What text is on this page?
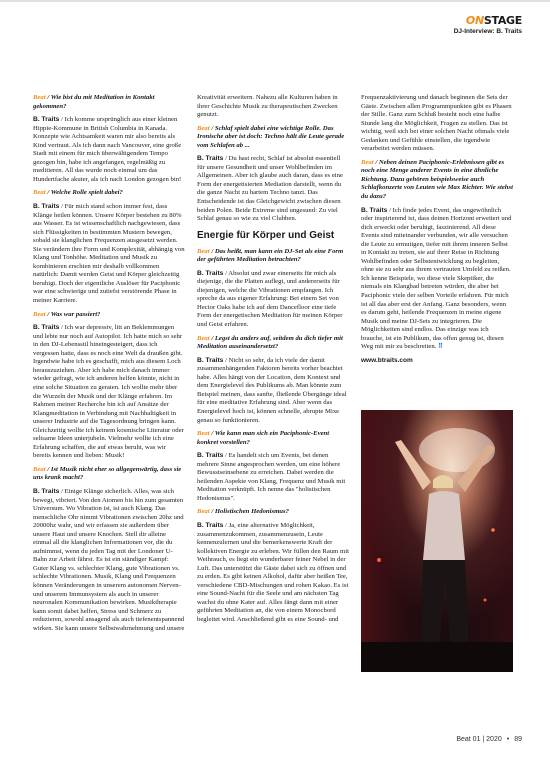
ONSTAGE
DJ-Interview: B. Traits

Beat / Wie bist du mit Meditation in Kontakt gekommen?

B. Traits / Ich komme ursprünglich aus einer kleinen Hippie-Kommune in British Columbia in Kanada. Konzepte wie Achtsamkeit waren mir also bereits als Kind vertraut. Als ich dann nach Vancouver, eine große Stadt mit einem für mich überwältigendem Tempo gezogen bin, habe ich angefangen, regelmäßig zu meditieren. All das wurde noch einmal um das Hundertfache akuter, als ich nach London gezogen bin!

Beat / Welche Rolle spielt dabei?

B. Traits / Für mich stand schon immer fest, dass Klänge heilen können. Unsere Körper bestehen zu 80% aus Wasser. Es ist wissenschaftlich nachgewiesen, dass sich Flüssigkeiten in bestimmten Mustern bewegen, sobald sie klanglichen Frequenzen ausgesetzt werden. Sie verändern ihre Form und Komplexität, abhängig von Klang und Tonhöhe. Meditation und Musik zu kombinieren erschien mir deshalb vollkommen natürlich: Damit werden Geist und Körper gleichzeitig beruhigt. Doch der eigentliche Auslöser für Paciphonic war eine schwierige und zutiefst verstörende Phase in meiner Karriere.

Beat / Was war passiert?

B. Traits / Ich war depressiv, litt an Beklemmungen und lebte nur noch auf Autopilot. Ich hatte mich so sehr in den DJ-Lebensstil hineingesteigert, dass ich vergessen hatte, dass es noch eine Welt da draußen gibt. Irgendwie habe ich es geschafft, mich aus diesem Loch herauszuziehen. Aber ich habe mich danach immer wieder gefragt, wie ich anderen helfen könnte, nicht in eine solche Situation zu geraten. Ich wollte mehr über die Wurzeln der Musik und der Klänge erfahren. Im Rahmen meiner Recherche bin ich auf Ansätze der Klangmeditation in Verbindung mit Nachhaltigkeit in unserer Industrie auf die Tagesordnung bringen kann. Gleichzeitig wollte ich keinem kosmische Literatur oder seltsame Ideen unterjubeln. Vielmehr wollte ich eine Erfahrung schaffen, die auf etwas beruht, was wir bereits kennen und lieben: Musik!

Beat / Ist Musik nicht eher so allgegenwärtig, dass sie uns krank macht?

B. Traits / Einige Klänge sicherlich. Alles, was sich bewegt, vibriert. Von den Atomen bis hin zum gesamten Universum. Wo Vibration ist, ist auch Klang. Das menschliche Ohr nimmt Vibrationen zwischen 20hz und 20000hz wahr, und wir erfassen sie außerdem über unsere Haut und unsere Knochen. Stell dir alleine einmal all die klanglichen Informationen vor, die du aufnimmst, wenn du jeden Tag mit der Londoner U-Bahn zur Arbeit fährst. Es ist ein ständiger Kampf: Guter Klang vs. schlechter Klang, gute Vibrationen vs. schlechte Vibrationen. Musik, Klang und Frequenzen können Veränderungen in unserem autonomen Nerven- und unserem Immunsystem als auch in unserer neuronalen Kommunikation bewirken. Musiktherapie kann somit dabei helfen, Stress und Schmerz zu reduzieren, sowohl ansagend als auch tiefenentspannend wirken. Sie kann unsere Selbstwahrnehmung und unsere

Kreativität erweitern. Nahezu alle Kulturen haben in ihrer Geschichte Musik zu therapeutischen Zwecken genutzt.

Beat / Schlaf spielt dabei eine wichtige Rolle. Das Ironische aber ist doch: Techno hält die Leute gerade vom Schlafen ab ...

B. Traits / Du hast recht, Schlaf ist absolut essentiell für unsere Gesundheit und unser Wohlbefinden im Allgemeinen. Aber ich glaube auch daran, dass es eine Form der energetisierten Mediation darstellt, wenn du die ganze Nacht zu hartem Techno tanzt. Das Entscheidende ist das Gleichgewicht zwischen diesen beiden Polen. Beide Extreme sind ungesund: Zu viel Schlaf genau so wie zu viel Clubben.

Energie für Körper und Geist

Beat / Das heißt, man kann ein DJ-Set als eine Form der geführten Meditation betrachten?

B. Traits / Absolut und zwar einerseits für mich als diejenige, die die Platten auflegt, und andererseits für diejenigen, welche die Vibrationen empfangen. Ich spreche da aus eigener Erfahrung: Bei einem Set von Hector Oaks habe ich auf dem Dancefloor eine tiefe Form der energetischen Meditation für meinen Körper und Geist erfahren.

Beat / Legst du anders auf, seitdem du dich tiefer mit Meditation auseinandersetzt?

B. Traits / Nicht so sehr, da ich viele der damit zusammenhängenden Faktoren bereits vorher beachtet habe. Alles hängt von der Location, dem Kontext und dem Energielevel des Publikums ab. Man könnte zum Beispiel meinen, dass sanfte, fließende Übergänge ideal für eine meditative Erfahrung sind. Aber wenn das Energielevel hoch ist, können schnelle, abrupte Mixe genau so funktionieren.

Beat / Wie kann man sich ein Paciphonic-Event konkret vorstellen?

B. Traits / Es handelt sich um Events, bei denen mehrere Sinne angesprochen werden, um eine höhere Bewusstseinsebene zu erreichen. Dabei werden die heilenden Aspekte von Klang, Frequenz und Musik mit Meditation verknüpft. Ich nenne das "holistischen Hedonismus".

Beat / Holistischen Hedonismus?

B. Traits / Ja, eine alternative Möglichkeit, zusammenzukommen, zusammenzusein, Leute kennenzulernen und die bemerkenswerte Kraft der kollektiven Energie zu erleben. Wir füllen den Raum mit Weihrauch, es liegt ein wunderbarer feiner Nebel in der Luft. Das unterstützt die Gäste dabei sich zu öffnen und zu erden. Es gibt keinen Alkohol, dafür aber heißen Tee, verschiedene CBD-Mischungen und rohen Kakao. Es ist eine Sound-Nacht für die Seele und am nächsten Tag wachst du ohne Kater auf. Alles fängt dann mit einer geführten Meditation an, die von einem Monochord begleitet wird. Anschließend gibt es eine Sound- und

Frequenzaktivierung und danach beginnen die Sets der Gäste. Zwischen allen Programmpunkten gibt es Phasen der Stille. Ganz zum Schluß besteht noch eine halbe Stunde lang die Möglichkeit, Fragen zu stellen. Das ist wichtig, weil sich bei einer solchen Nacht oftmals viele Gedanken und Gefühle einstellen, die irgendwie verarbeitet werden müssen.

Beat / Neben deinen Paciphonic-Erlebnissen gibt es noch eine Menge anderer Events in eine ähnliche Richtung. Dazu gehören beispielsweise auch Schlafkonzerte von Leuten wie Max Richter. Wie stehst du dazu?

B. Traits / Ich finde jedes Event, das ungewöhnlich oder inspirierend ist, dass deinen Horizont erweitert und dich erweckt oder beruhigt, faszinierend. All diese Events sind miteinander verbunden, wir alle versuchen die Leute zu ermutigen, tiefer mit ihrem inneren Selbst in Kontakt zu treten, sie auf ihrer Reise in Richtung Wohlbefinden oder Selbstentwicklung zu begleiten, ohne sie zu sehr aus ihrem vertrauten Umfeld zu reißen. Ich kenne Beispiele, wo diese viele Skeptiker, die niemals ein Klangbad betreten würden, die aber bei Paciphonic viele der selben Vorteile erfahren. Für mich ist all das aber erst der Anfang. Ganz besonders, wenn es darum geht, heilende Frequenzen in meine eigene Musik und meine DJ-Sets zu integrieren. Die Möglichkeiten sind endlos. Das einzige was ich brauche, ist ein Publikum, das offen genug ist, diesen Weg mit mir zu beschreiten. ⠿

www.btraits.com
Beat 01 | 2020 • 89
